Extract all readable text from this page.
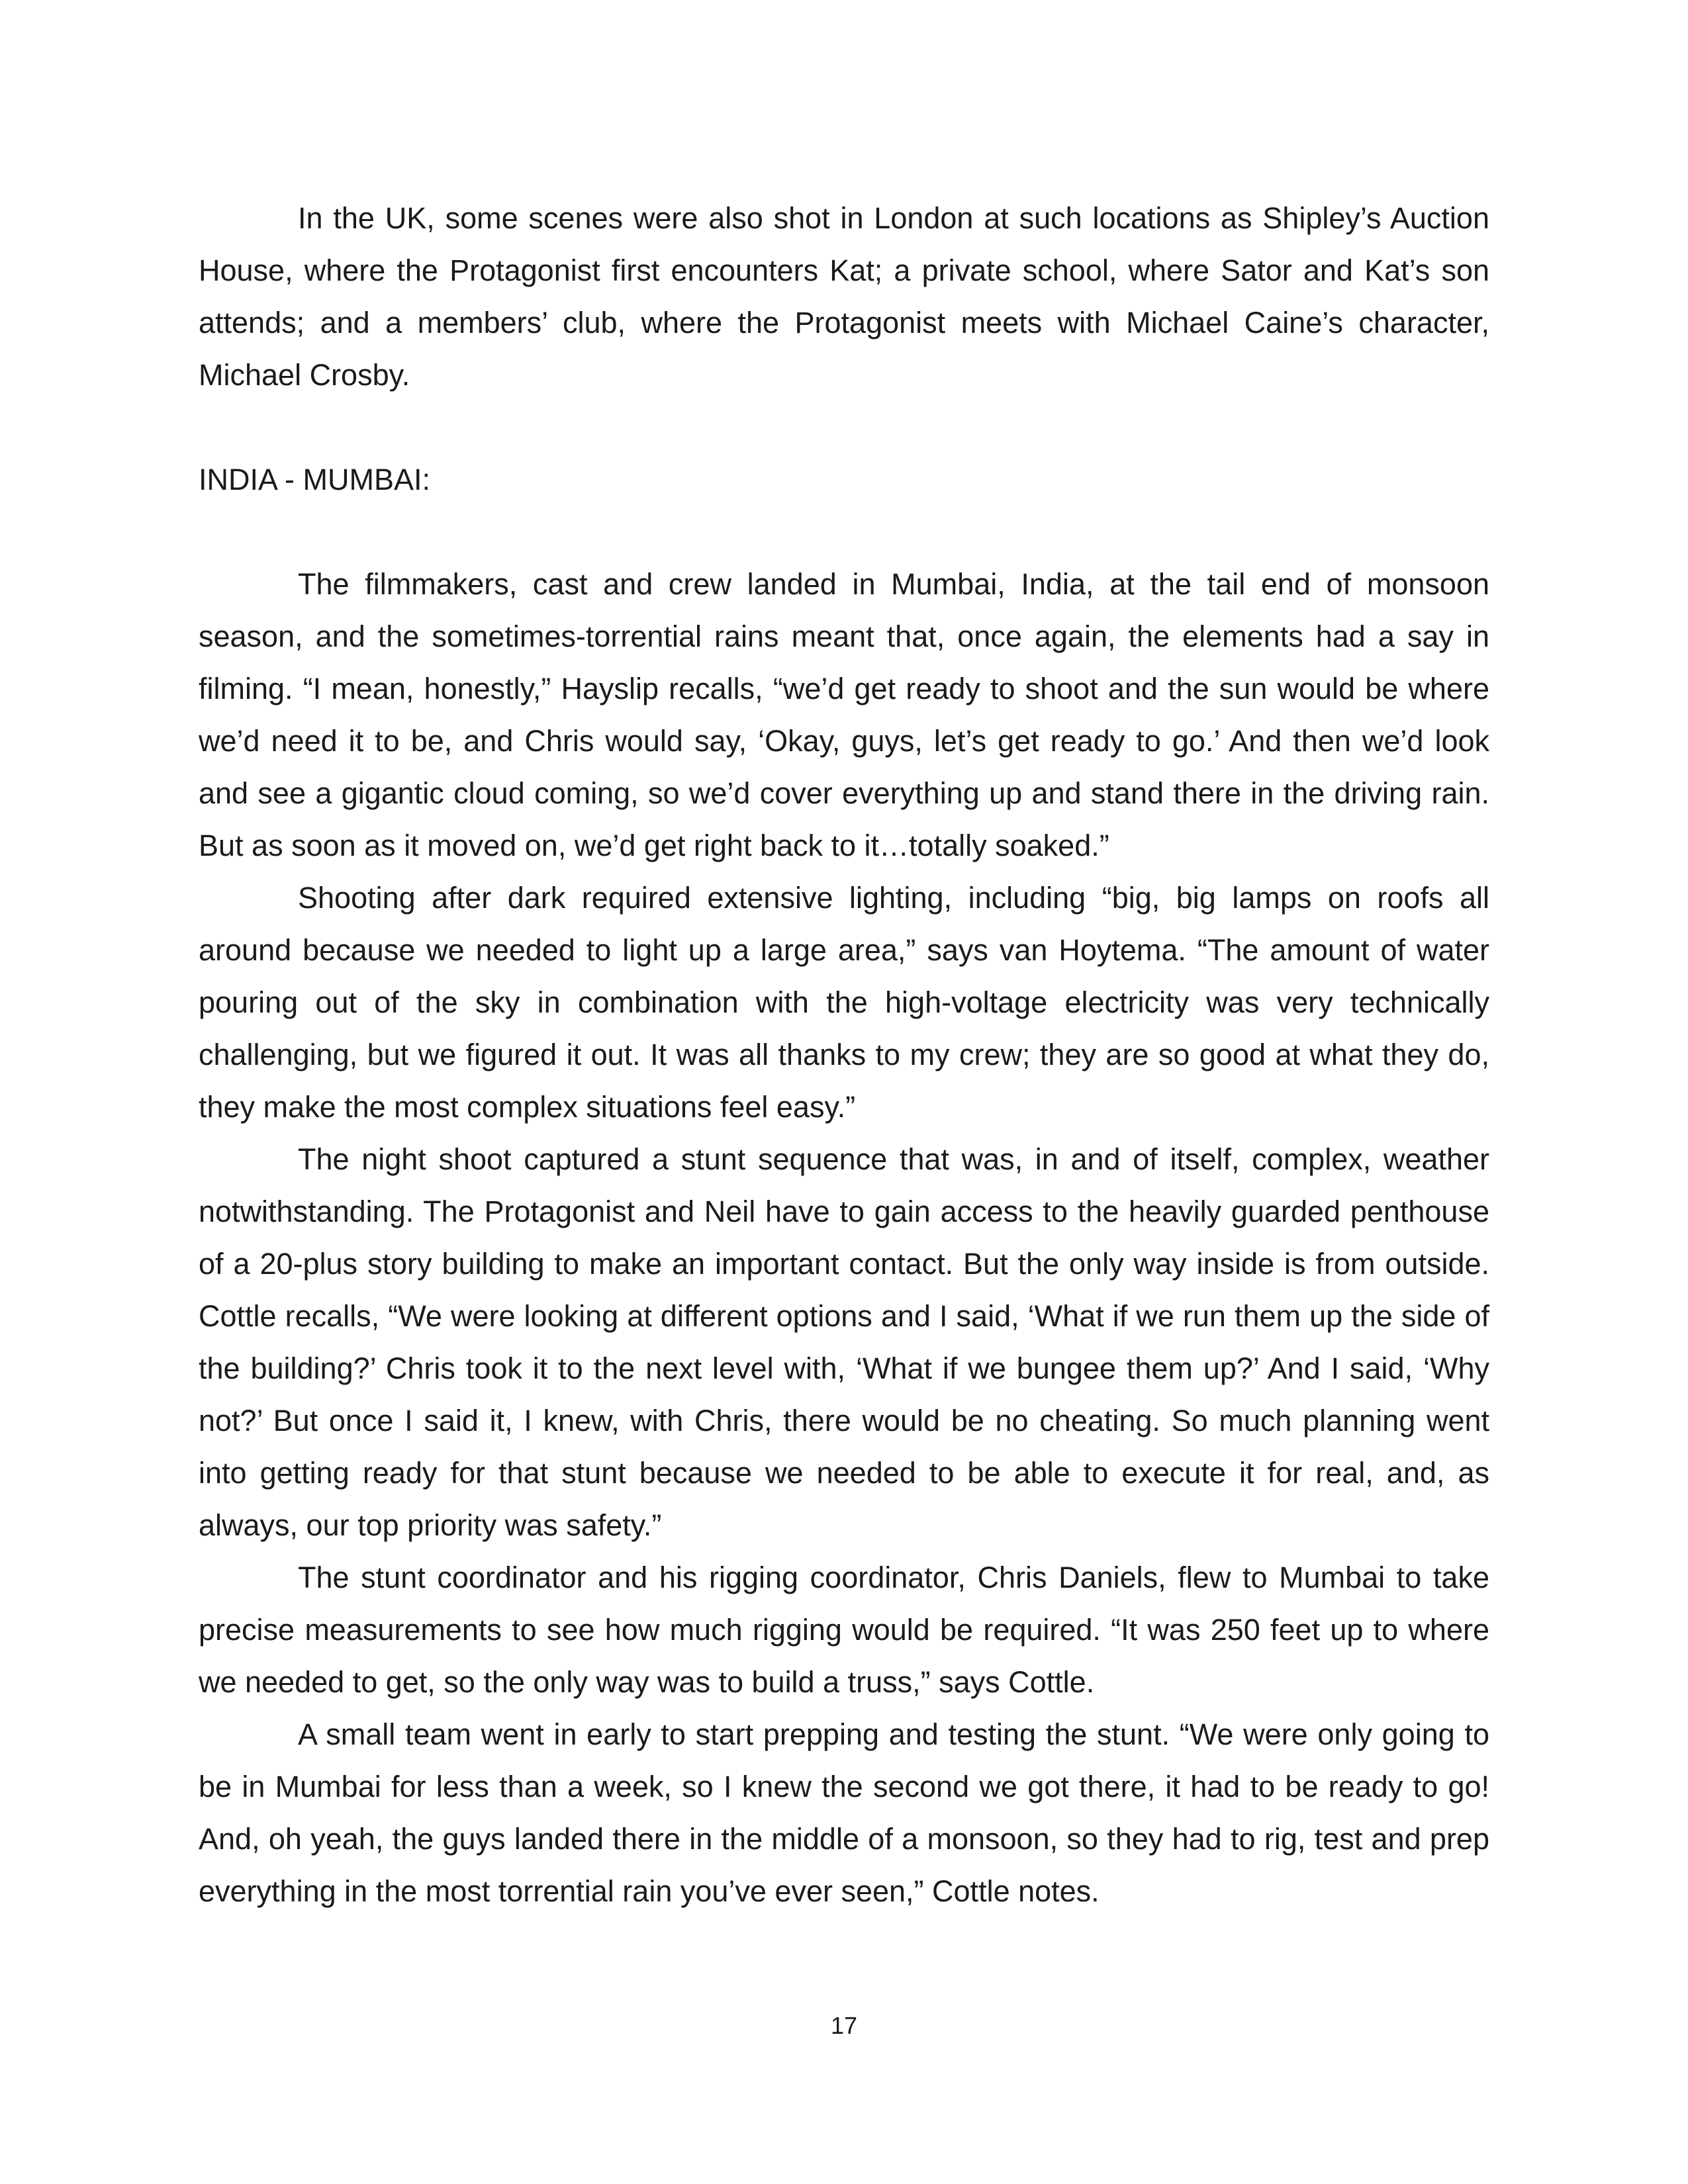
In the UK, some scenes were also shot in London at such locations as Shipley’s Auction House, where the Protagonist first encounters Kat; a private school, where Sator and Kat’s son attends; and a members’ club, where the Protagonist meets with Michael Caine’s character, Michael Crosby.

INDIA - MUMBAI:

The filmmakers, cast and crew landed in Mumbai, India, at the tail end of monsoon season, and the sometimes-torrential rains meant that, once again, the elements had a say in filming. “I mean, honestly,” Hayslip recalls, “we’d get ready to shoot and the sun would be where we’d need it to be, and Chris would say, ‘Okay, guys, let’s get ready to go.’ And then we’d look and see a gigantic cloud coming, so we’d cover everything up and stand there in the driving rain. But as soon as it moved on, we’d get right back to it…totally soaked.”

Shooting after dark required extensive lighting, including “big, big lamps on roofs all around because we needed to light up a large area,” says van Hoytema. “The amount of water pouring out of the sky in combination with the high-voltage electricity was very technically challenging, but we figured it out. It was all thanks to my crew; they are so good at what they do, they make the most complex situations feel easy.”

The night shoot captured a stunt sequence that was, in and of itself, complex, weather notwithstanding. The Protagonist and Neil have to gain access to the heavily guarded penthouse of a 20-plus story building to make an important contact. But the only way inside is from outside. Cottle recalls, “We were looking at different options and I said, ‘What if we run them up the side of the building?’ Chris took it to the next level with, ‘What if we bungee them up?’ And I said, ‘Why not?’ But once I said it, I knew, with Chris, there would be no cheating. So much planning went into getting ready for that stunt because we needed to be able to execute it for real, and, as always, our top priority was safety.”

The stunt coordinator and his rigging coordinator, Chris Daniels, flew to Mumbai to take precise measurements to see how much rigging would be required. “It was 250 feet up to where we needed to get, so the only way was to build a truss,” says Cottle.

A small team went in early to start prepping and testing the stunt. “We were only going to be in Mumbai for less than a week, so I knew the second we got there, it had to be ready to go! And, oh yeah, the guys landed there in the middle of a monsoon, so they had to rig, test and prep everything in the most torrential rain you’ve ever seen,” Cottle notes.

17
